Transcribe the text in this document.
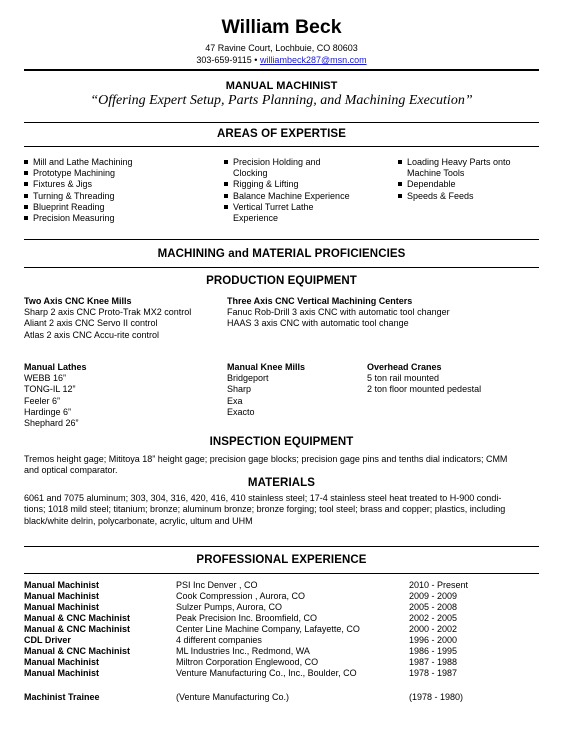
William Beck
47 Ravine Court, Lochbuie, CO 80603
303-659-9115 • williambeck287@msn.com
MANUAL MACHINIST
“Offering Expert Setup, Parts Planning, and Machining Execution”
AREAS OF EXPERTISE
Mill and Lathe Machining
Prototype Machining
Fixtures & Jigs
Turning & Threading
Blueprint Reading
Precision Measuring
Precision Holding and
Clocking
Rigging & Lifting
Balance Machine Experience
Vertical Turret Lathe
Experience
Loading Heavy Parts onto
Machine Tools
Dependable
Speeds & Feeds
MACHINING and MATERIAL PROFICIENCIES
PRODUCTION EQUIPMENT
Two Axis CNC Knee Mills
Sharp 2 axis CNC Proto-Trak MX2 control
Aliant 2 axis CNC Servo II control
Atlas 2 axis CNC Accu-rite control
Three Axis CNC Vertical Machining Centers
Fanuc Rob-Drill 3 axis CNC with automatic tool changer
HAAS 3 axis CNC with automatic tool change
Manual Lathes
WEBB 16”
TONG-IL 12”
Feeler 6”
Hardinge 6”
Shephard 26”
Manual Knee Mills
Bridgeport
Sharp
Exa
Exacto
Overhead Cranes
5 ton rail mounted
2 ton floor mounted pedestal
INSPECTION EQUIPMENT
Tremos height gage; Mititoya 18” height gage; precision gage blocks; precision gage pins and tenths dial indicators; CMM
and optical comparator.
MATERIALS
6061 and 7075 aluminum; 303, 304, 316, 420, 416, 410 stainless steel; 17-4 stainless steel heat treated to H-900 condi-
tions; 1018 mild steel; titanium; bronze; aluminum bronze; bronze forging; tool steel; brass and copper; plastics, including
black/white delrin, polycarbonate, acrylic, ultum and UHM
PROFESSIONAL EXPERIENCE
Manual Machinist	PSI Inc Denver , CO	2010 - Present
Manual Machinist	Cook Compression , Aurora, CO	2009 - 2009
Manual Machinist	Sulzer Pumps, Aurora, CO	2005 - 2008
Manual & CNC Machinist	Peak Precision Inc. Broomfield, CO	2002 - 2005
Manual & CNC Machinist	Center Line Machine Company, Lafayette, CO	2000 - 2002
CDL Driver	4 different companies	1996 - 2000
Manual & CNC Machinist	ML Industries Inc., Redmond, WA	1986 - 1995
Manual Machinist	Miltron Corporation Englewood, CO	1987 - 1988
Manual Machinist	Venture Manufacturing Co., Inc., Boulder, CO	1978 - 1987
Machinist Trainee	(Venture Manufacturing Co.)	(1978 - 1980)
